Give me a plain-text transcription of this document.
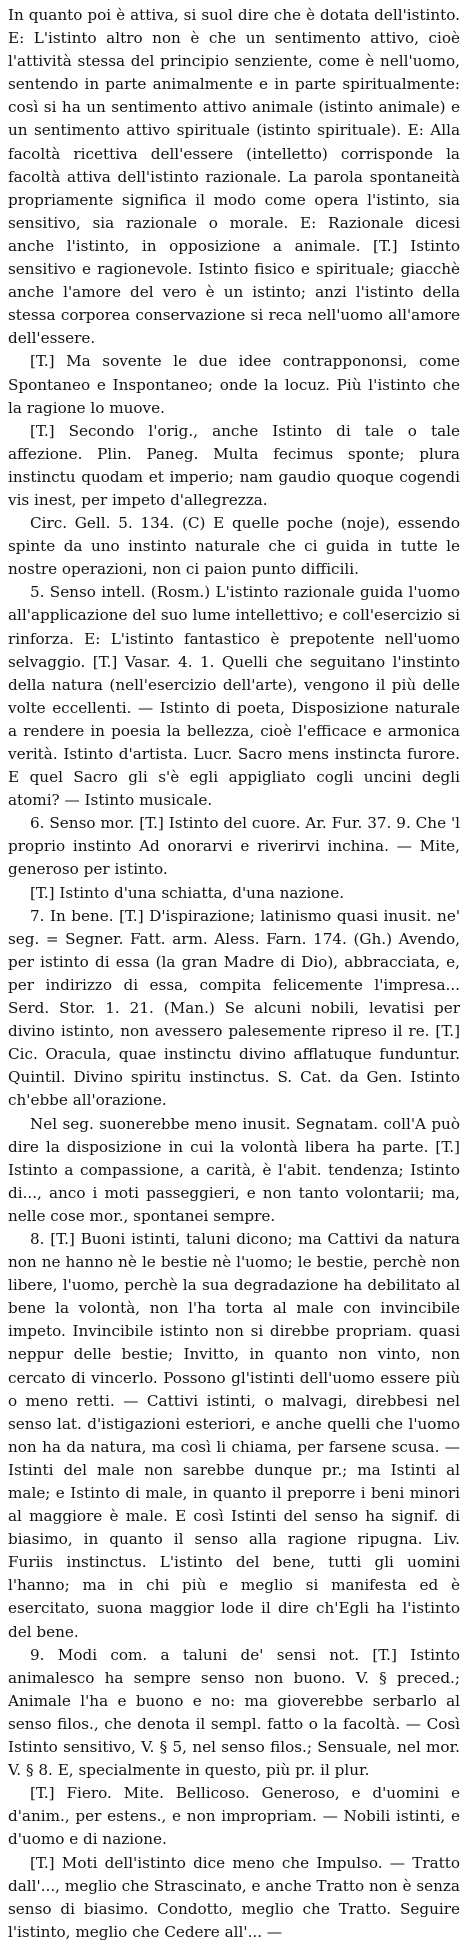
In quanto poi è attiva, si suol dire che è dotata dell'istinto. E: L'istinto altro non è che un sentimento attivo, cioè l'attività stessa del principio senziente, come è nell'uomo, sentendo in parte animalmente e in parte spiritualmente: così si ha un sentimento attivo animale (istinto animale) e un sentimento attivo spirituale (istinto spirituale). E: Alla facoltà ricettiva dell'essere (intelletto) corrisponde la facoltà attiva dell'istinto razionale. La parola spontaneità propriamente significa il modo come opera l'istinto, sia sensitivo, sia razionale o morale. E: Razionale dicesi anche l'istinto, in opposizione a animale. [T.] Istinto sensitivo e ragionevole. Istinto fisico e spirituale; giacchè anche l'amore del vero è un istinto; anzi l'istinto della stessa corporea conservazione si reca nell'uomo all'amore dell'essere.

[T.] Ma sovente le due idee contrappononsi, come Spontaneo e Inspontaneo; onde la locuz. Più l'istinto che la ragione lo muove.

[T.] Secondo l'orig., anche Istinto di tale o tale affezione. Plin. Paneg. Multa fecimus sponte; plura instinctu quodam et imperio; nam gaudio quoque cogendi vis inest, per impeto d'allegrezza.

Circ. Gell. 5. 134. (C) E quelle poche (noje), essendo spinte da uno instinto naturale che ci guida in tutte le nostre operazioni, non ci paion punto difficili.

5. Senso intell. (Rosm.) L'istinto razionale guida l'uomo all'applicazione del suo lume intellettivo; e coll'esercizio si rinforza. E: L'istinto fantastico è prepotente nell'uomo selvaggio. [T.] Vasar. 4. 1. Quelli che seguitano l'instinto della natura (nell'esercizio dell'arte), vengono il più delle volte eccellenti. — Istinto di poeta, Disposizione naturale a rendere in poesia la bellezza, cioè l'efficace e armonica verità. Istinto d'artista. Lucr. Sacro mens instincta furore. E quel Sacro gli s'è egli appigliato cogli uncini degli atomi? — Istinto musicale.

6. Senso mor. [T.] Istinto del cuore. Ar. Fur. 37. 9. Che 'l proprio instinto Ad onorarvi e riverirvi inchina. — Mite, generoso per istinto.

[T.] Istinto d'una schiatta, d'una nazione.

7. In bene. [T.] D'ispirazione; latinismo quasi inusit. ne' seg. = Segner. Fatt. arm. Aless. Farn. 174. (Gh.) Avendo, per istinto di essa (la gran Madre di Dio), abbracciata, e, per indirizzo di essa, compita felicemente l'impresa... Serd. Stor. 1. 21. (Man.) Se alcuni nobili, levatisi per divino istinto, non avessero palesemente ripreso il re. [T.] Cic. Oracula, quae instinctu divino afflatuque funduntur. Quintil. Divino spiritu instinctus. S. Cat. da Gen. Istinto ch'ebbe all'orazione.

Nel seg. suonerebbe meno inusit. Segnatam. coll'A può dire la disposizione in cui la volontà libera ha parte. [T.] Istinto a compassione, a carità, è l'abit. tendenza; Istinto di..., anco i moti passeggieri, e non tanto volontarii; ma, nelle cose mor., spontanei sempre.

8. [T.] Buoni istinti, taluni dicono; ma Cattivi da natura non ne hanno nè le bestie nè l'uomo; le bestie, perchè non libere, l'uomo, perchè la sua degradazione ha debilitato al bene la volontà, non l'ha torta al male con invincibile impeto. Invincibile istinto non si direbbe propriam. quasi neppur delle bestie; Invitto, in quanto non vinto, non cercato di vincerlo. Possono gl'istinti dell'uomo essere più o meno retti. — Cattivi istinti, o malvagi, direbbesi nel senso lat. d'istigazioni esteriori, e anche quelli che l'uomo non ha da natura, ma così li chiama, per farsene scusa. — Istinti del male non sarebbe dunque pr.; ma Istinti al male; e Istinto di male, in quanto il preporre i beni minori al maggiore è male. E così Istinti del senso ha signif. di biasimo, in quanto il senso alla ragione ripugna. Liv. Furiis instinctus. L'istinto del bene, tutti gli uomini l'hanno; ma in chi più e meglio si manifesta ed è esercitato, suona maggior lode il dire ch'Egli ha l'istinto del bene.

9. Modi com. a taluni de' sensi not. [T.] Istinto animalesco ha sempre senso non buono. V. § preced.; Animale l'ha e buono e no: ma gioverebbe serbarlo al senso filos., che denota il sempl. fatto o la facoltà. — Così Istinto sensitivo, V. § 5, nel senso filos.; Sensuale, nel mor. V. § 8. E, specialmente in questo, più pr. il plur.

[T.] Fiero. Mite. Bellicoso. Generoso, e d'uomini e d'anim., per estens., e non impropriam. — Nobili istinti, e d'uomo e di nazione.

[T.] Moti dell'istinto dice meno che Impulso. — Tratto dall'..., meglio che Strascinato, e anche Tratto non è senza senso di biasimo. Condotto, meglio che Tratto. Seguire l'istinto, meglio che Cedere all'... —
